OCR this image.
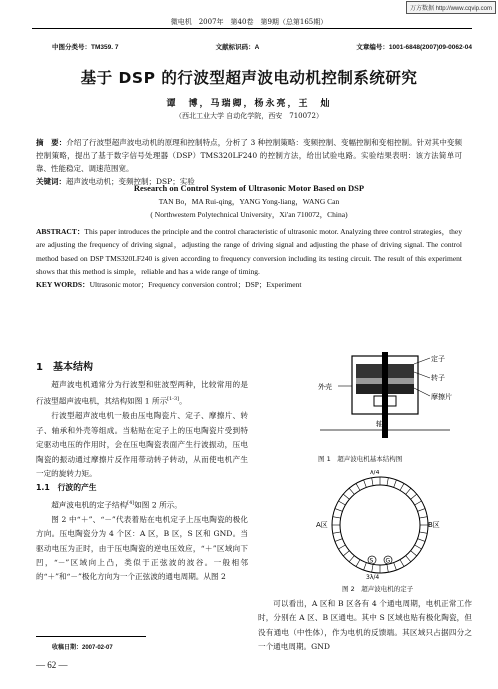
万方数据 http://www.cqvip.com
微电机　2007年　第40卷　第9期（总第165期）
中图分类号：TM359. 7	文献标识码：A	文章编号：1001-6848(2007)09-0062-04
基于 DSP 的行波型超声波电动机控制系统研究
谭　博，马瑞卿，杨永亮，王　灿
（西北工业大学 自动化学院，西安　710072）
摘　要：介绍了行波型超声波电动机的原理和控制特点，分析了 3 种控制策略：变频控制、变幅控制和变相控制。针对其中变频控制策略，提出了基于数字信号处理器（DSP）TMS320LF240 的控制方法，给出试验电路。实验结果表明：该方法简单可靠、性能稳定、调速范围宽。
关键词：超声波电动机；变频控制；DSP；实验
Research on Control System of Ultrasonic Motor Based on DSP
TAN Bo，MA Rui-qing，YANG Yong-liang，WANG Can
( Northwestern Polytechnical University，Xi'an 710072，China)
ABSTRACT：This paper introduces the principle and the control characteristic of ultrasonic motor. Analyzing three control strategies，they are adjusting the frequency of driving signal，adjusting the range of driving signal and adjusting the phase of driving signal. The control method based on DSP TMS320LF240 is given according to frequency conversion including its testing circuit. The result of this experiment shows that this method is simple，reliable and has a wide range of timing.
KEY WORDS：Ultrasonic motor；Frequency conversion control；DSP；Experiment
1　基本结构

超声波电机通常分为行波型和驻波型两种，比较常用的是行波型超声波电机，其结构如图 1 所示[1-3]。

行波型超声波电机一般由压电陶瓷片、定子、摩擦片、转子、轴承和外壳等组成。当粘贴在定子上的压电陶瓷片受到特定驱动电压的作用时，会在压电陶瓷表面产生行波振动，压电陶瓷的振动通过摩擦片反作用带动转子转动，从而使电机产生一定的旋转力矩。

1.1　行波的产生

超声波电机的定子结构[4]如图 2 所示。

图 2 中“＋”、“－”代表着贴在电机定子上压电陶瓷的极化方向。压电陶瓷分为 4 个区：A 区，B 区，S 区和 GND。当驱动电压为正时，由于压电陶瓷的逆电压效应，“＋”区域向下凹，“－”区域向上凸，类似于正弦波的波谷。一般相邻的“＋”和“－”极化方向为一个正弦波的通电周期。从图 2

定子
转子
摩擦片
外壳
轴
图 1　超声波电机基本结构图
A区	B区
S G
λ/4
3λ/4
图 2　超声波电机的定子

可以看出，A 区和 B 区各有 4 个通电周期，电机正常工作时，分别在 A 区、B 区通电。其中 S 区域也贴有极化陶瓷，但没有通电（中性体），作为电机的反馈端。其区域只占据四分之一个通电周期。GND

收稿日期：2007-02-07
— 62 —
